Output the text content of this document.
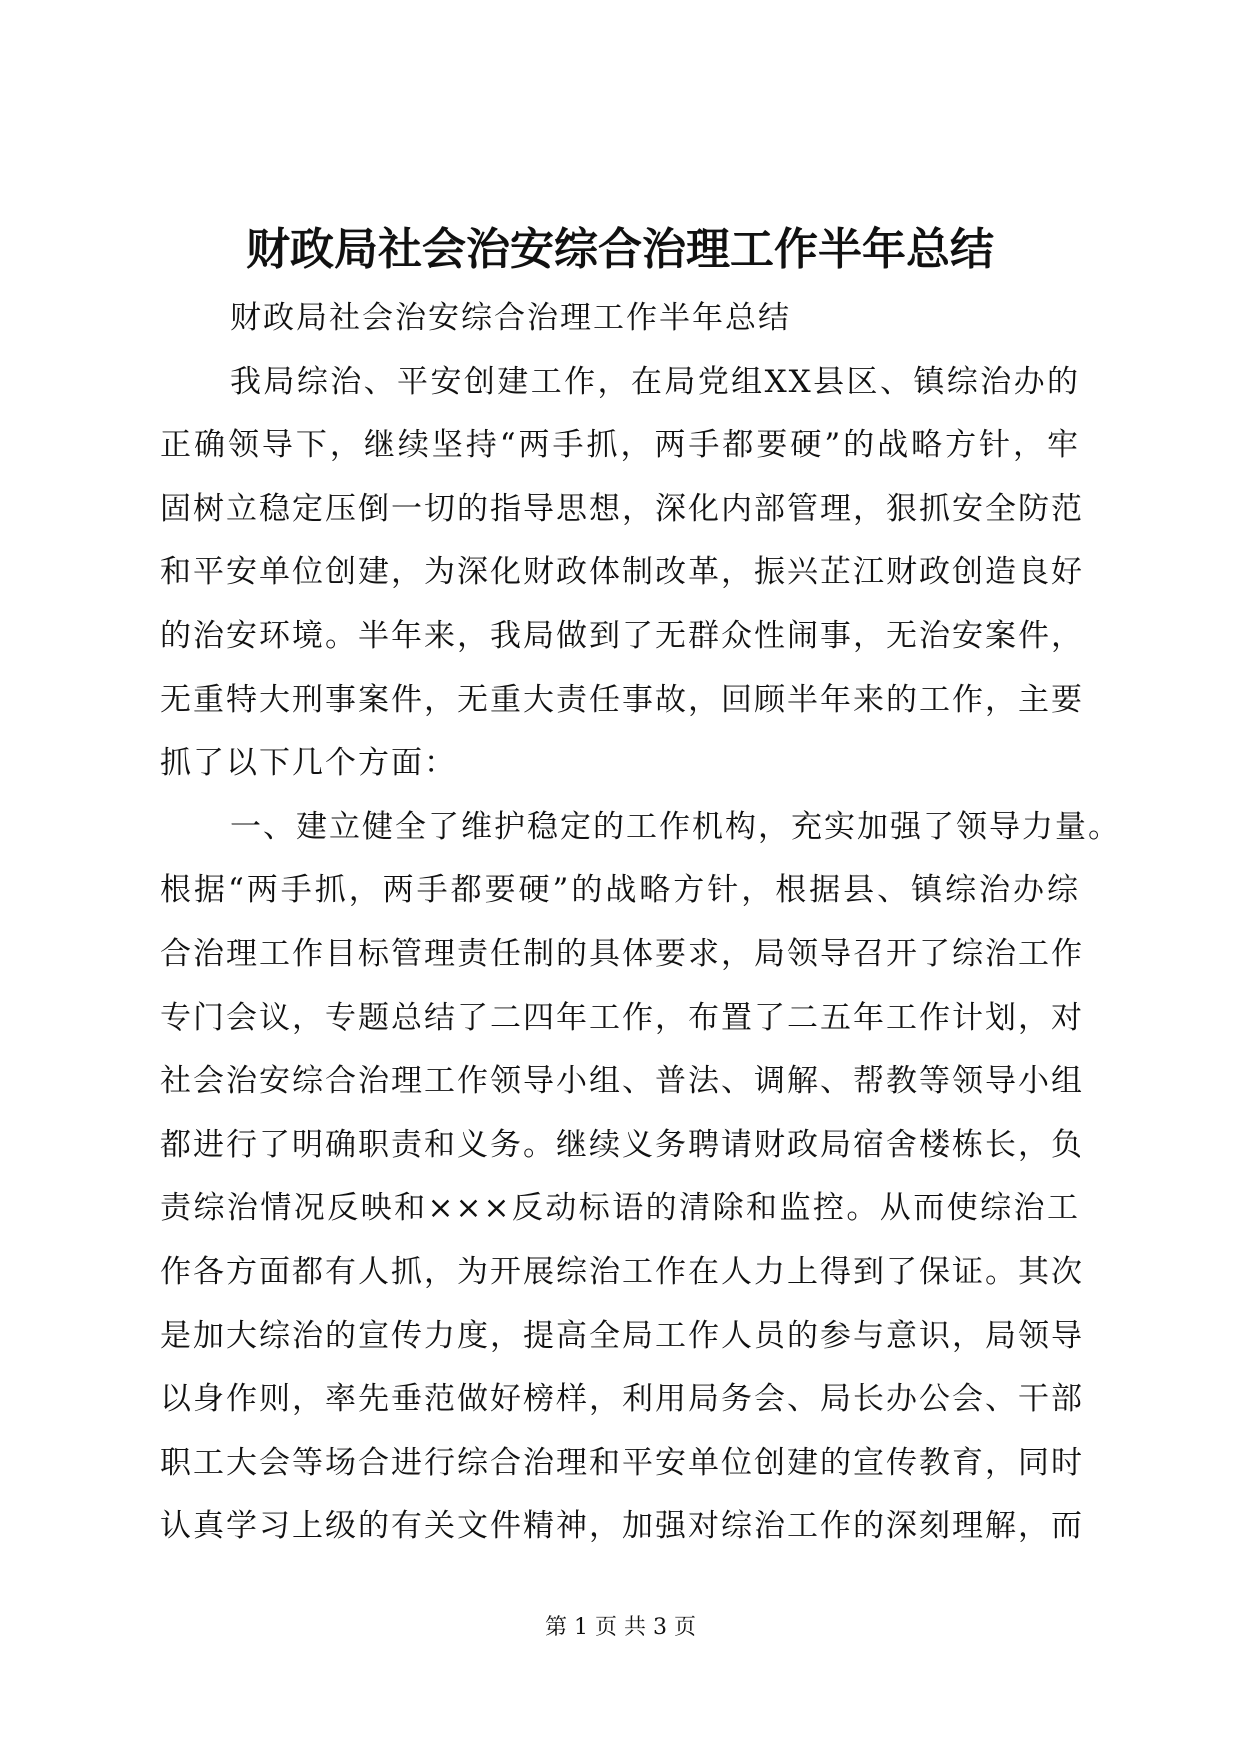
财政局社会治安综合治理工作半年总结
财政局社会治安综合治理工作半年总结
我局综治、平安创建工作，在局党组XX县区、镇综治办的
正确领导下，继续坚持“两手抓，两手都要硬”的战略方针，牢
固树立稳定压倒一切的指导思想，深化内部管理，狠抓安全防范
和平安单位创建，为深化财政体制改革，振兴芷江财政创造良好
的治安环境。半年来，我局做到了无群众性闹事，无治安案件，
无重特大刑事案件，无重大责任事故，回顾半年来的工作，主要
抓了以下几个方面：
一、建立健全了维护稳定的工作机构，充实加强了领导力量。
根据“两手抓，两手都要硬”的战略方针，根据县、镇综治办综
合治理工作目标管理责任制的具体要求，局领导召开了综治工作
专门会议，专题总结了二四年工作，布置了二五年工作计划，对
社会治安综合治理工作领导小组、普法、调解、帮教等领导小组
都进行了明确职责和义务。继续义务聘请财政局宿舍楼栋长，负
责综治情况反映和×××反动标语的清除和监控。从而使综治工
作各方面都有人抓，为开展综治工作在人力上得到了保证。其次
是加大综治的宣传力度，提高全局工作人员的参与意识，局领导
以身作则，率先垂范做好榜样，利用局务会、局长办公会、干部
职工大会等场合进行综合治理和平安单位创建的宣传教育，同时
认真学习上级的有关文件精神，加强对综治工作的深刻理解，而
第 1 页 共 3 页
